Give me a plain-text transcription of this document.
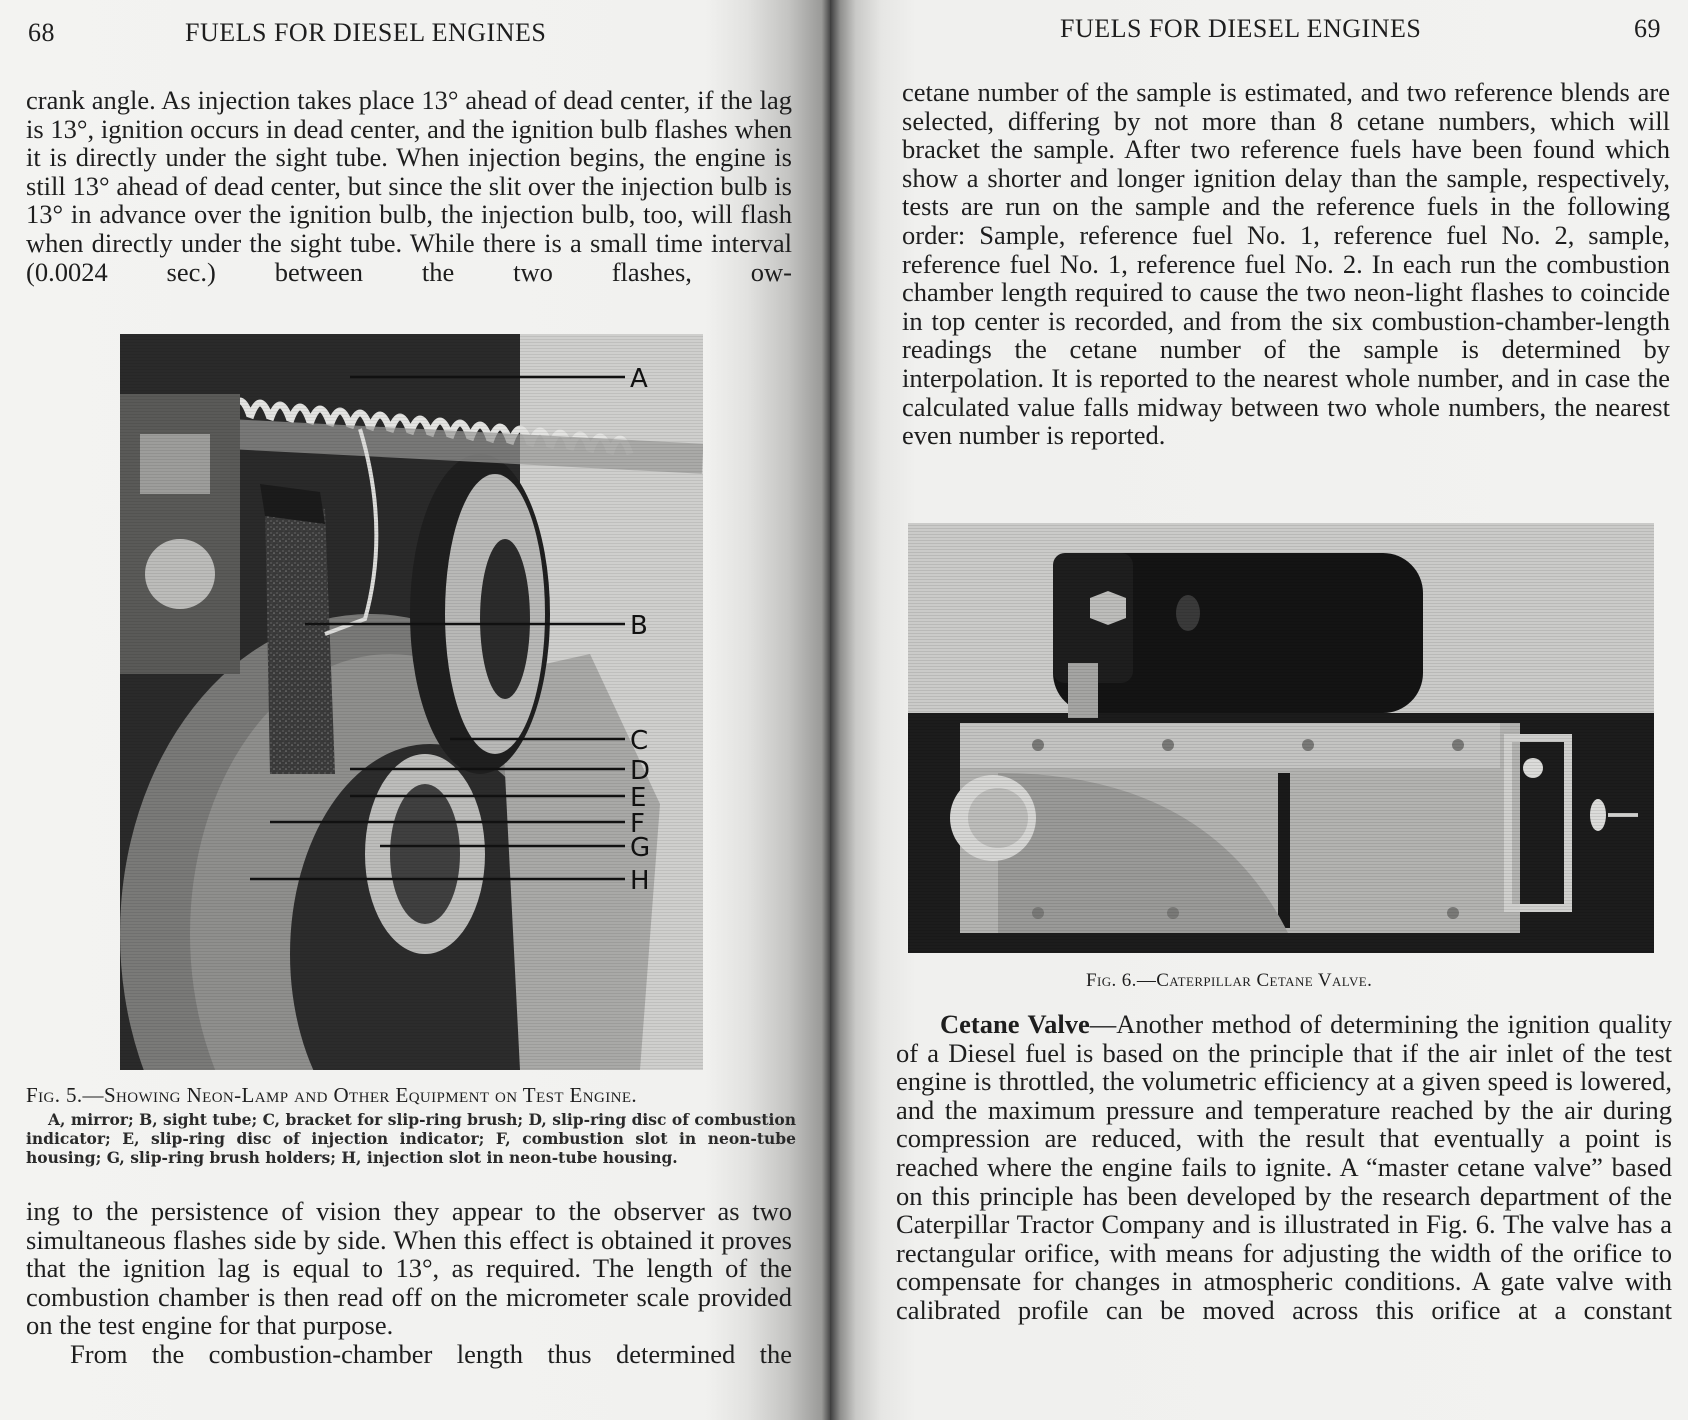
68	FUELS FOR DIESEL ENGINES

crank angle. As injection takes place 13° ahead of dead center, if the lag is 13°, ignition occurs in dead center, and the ignition bulb flashes when it is directly under the sight tube. When injection begins, the engine is still 13° ahead of dead center, but since the slit over the injection bulb is 13° in advance over the ignition bulb, the injection bulb, too, will flash when directly under the sight tube. While there is a small time interval (0.0024 sec.) between the two flashes, ow-

A
B
C
D
E
F
G
H
Fig. 5.—Showing Neon-Lamp and Other Equipment on Test Engine.

A, mirror; B, sight tube; C, bracket for slip-ring brush; D, slip-ring disc of combustion indicator; E, slip-ring disc of injection indicator; F, combustion slot in neon-tube housing; G, slip-ring brush holders; H, injection slot in neon-tube housing.

ing to the persistence of vision they appear to the observer as two simultaneous flashes side by side. When this effect is obtained it proves that the ignition lag is equal to 13°, as required. The length of the combustion chamber is then read off on the micrometer scale provided on the test engine for that purpose.

From the combustion-chamber length thus determined the

FUELS FOR DIESEL ENGINES	69

cetane number of the sample is estimated, and two reference blends are selected, differing by not more than 8 cetane numbers, which will bracket the sample. After two reference fuels have been found which show a shorter and longer ignition delay than the sample, respectively, tests are run on the sample and the reference fuels in the following order: Sample, reference fuel No. 1, reference fuel No. 2, sample, reference fuel No. 1, reference fuel No. 2. In each run the combustion chamber length required to cause the two neon-light flashes to coincide in top center is recorded, and from the six combustion-chamber-length readings the cetane number of the sample is determined by interpolation. It is reported to the nearest whole number, and in case the calculated value falls midway between two whole numbers, the nearest even number is reported.

Fig. 6.—Caterpillar Cetane Valve.

Cetane Valve—Another method of determining the ignition quality of a Diesel fuel is based on the principle that if the air inlet of the test engine is throttled, the volumetric efficiency at a given speed is lowered, and the maximum pressure and temperature reached by the air during compression are reduced, with the result that eventually a point is reached where the engine fails to ignite. A “master cetane valve” based on this principle has been developed by the research department of the Caterpillar Tractor Company and is illustrated in Fig. 6. The valve has a rectangular orifice, with means for adjusting the width of the orifice to compensate for changes in atmospheric conditions. A gate valve with calibrated profile can be moved across this orifice at a constant
